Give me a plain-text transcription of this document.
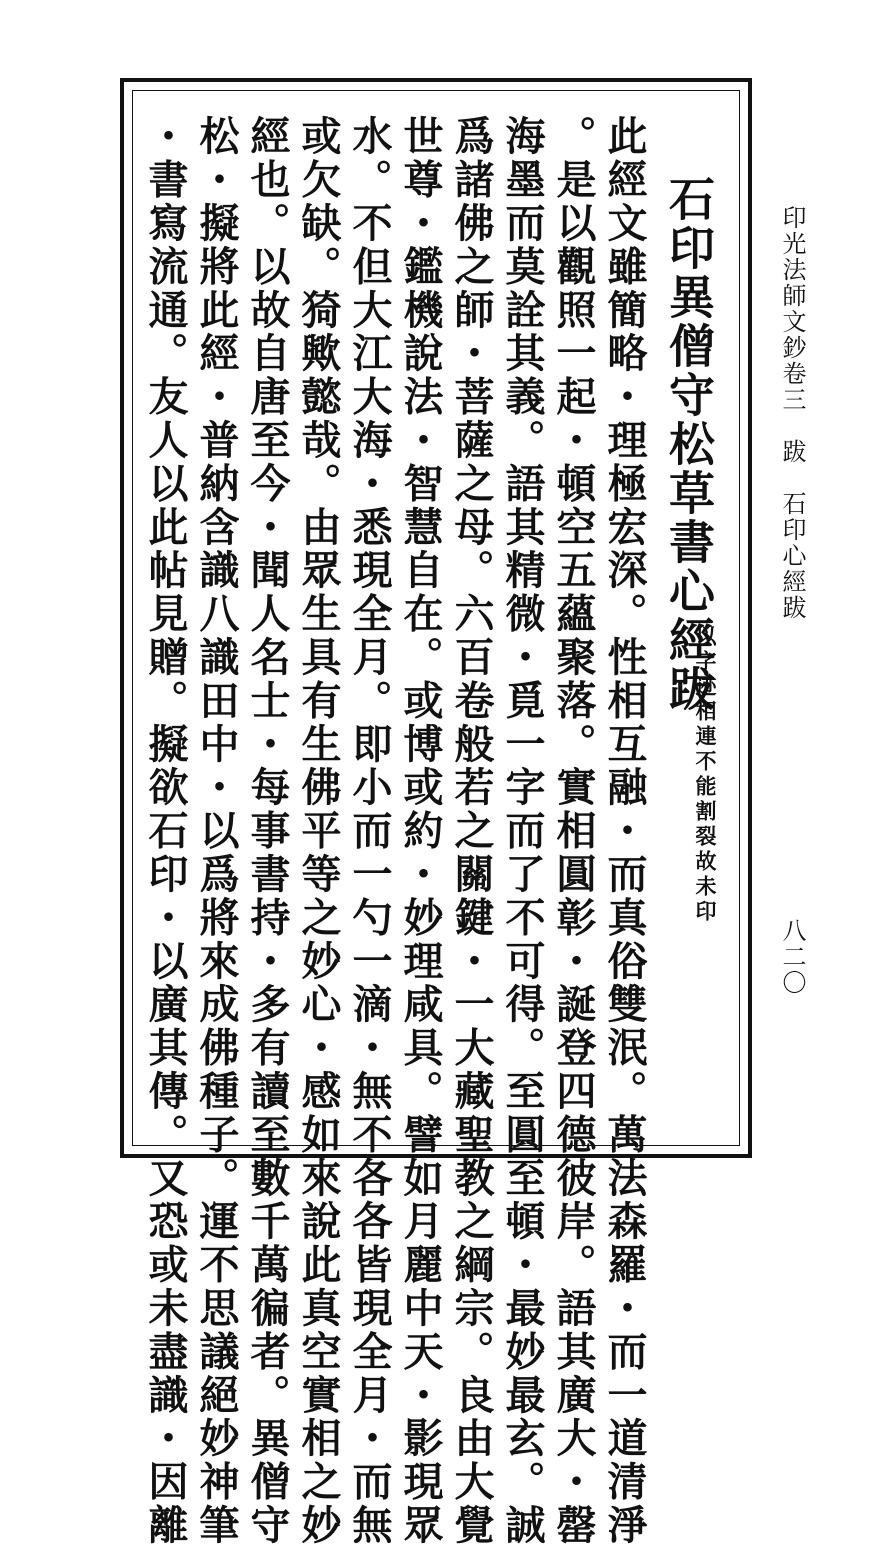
印光法師文鈔卷三　跋　石印心經跋
八二〇
石印異僧守松草書心經跋
以字迹相連不能割裂故未印
此經文雖簡略・理極宏深。性相互融・而真俗雙泯。萬法森羅・而一道清淨
。是以觀照一起・頓空五蘊聚落。實相圓彰・誕登四德彼岸。語其廣大・罄
海墨而莫詮其義。語其精微・覓一字而了不可得。至圓至頓・最妙最玄。誠
爲諸佛之師・菩薩之母。六百卷般若之關鍵・一大藏聖教之綱宗。良由大覺
世尊・鑑機說法・智慧自在。或博或約・妙理咸具。譬如月麗中天・影現眾
水。不但大江大海・悉現全月。即小而一勺一滴・無不各各皆現全月・而無
或欠缺。猗歟懿哉。由眾生具有生佛平等之妙心・感如來說此真空實相之妙
經也。以故自唐至今・聞人名士・每事書持・多有讀至數千萬徧者。異僧守
松・擬將此經・普納含識八識田中・以爲將來成佛種子。運不思議絕妙神筆
・書寫流通。友人以此帖見贈。擬欲石印・以廣其傳。又恐或未盡識・因離
